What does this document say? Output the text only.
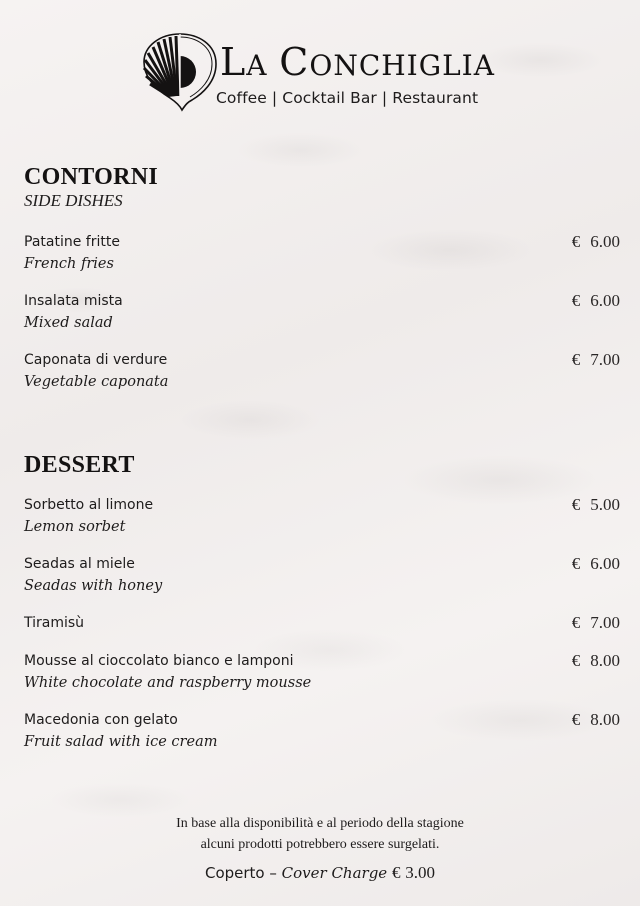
LA CONCHIGLIA
Coffee | Cocktail Bar | Restaurant
CONTORNI
SIDE DISHES
Patatine fritte
French fries
€ 6.00
Insalata mista
Mixed salad
€ 6.00
Caponata di verdure
Vegetable caponata
€ 7.00
DESSERT
Sorbetto al limone
Lemon sorbet
€ 5.00
Seadas al miele
Seadas with honey
€ 6.00
Tiramisù	€ 7.00
Mousse al cioccolato bianco e lamponi
White chocolate and raspberry mousse
€ 8.00
Macedonia con gelato
Fruit salad with ice cream
€ 8.00
In base alla disponibilità e al periodo della stagione
alcuni prodotti potrebbero essere surgelati.
Coperto – Cover Charge € 3.00
